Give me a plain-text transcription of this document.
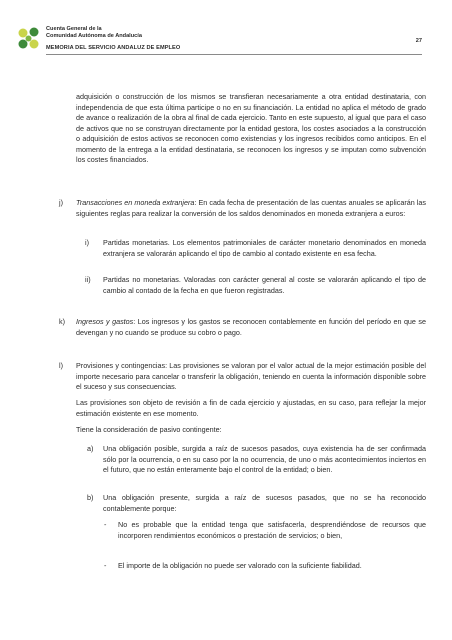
Cuenta General de la
Comunidad Autónoma de Andalucía
MEMORIA DEL SERVICIO ANDALUZ DE EMPLEO
27

adquisición o construcción de los mismos se transfieran necesariamente a otra entidad destinataria, con independencia de que esta última participe o no en su financiación. La entidad no aplica el método de grado de avance o realización de la obra al final de cada ejercicio. Tanto en este supuesto, al igual que para el caso de activos que no se construyan directamente por la entidad gestora, los costes asociados a la construcción o adquisición de estos activos se reconocen como existencias y los ingresos recibidos como anticipos. En el momento de la entrega a la entidad destinataria, se reconocen los ingresos y se imputan como subvención los costes financiados.

j) Transacciones en moneda extranjera: En cada fecha de presentación de las cuentas anuales se aplicarán las siguientes reglas para realizar la conversión de los saldos denominados en moneda extranjera a euros:

i) Partidas monetarias. Los elementos patrimoniales de carácter monetario denominados en moneda extranjera se valorarán aplicando el tipo de cambio al contado existente en esa fecha.

ii) Partidas no monetarias. Valoradas con carácter general al coste se valorarán aplicando el tipo de cambio al contado de la fecha en que fueron registradas.

k) Ingresos y gastos: Los ingresos y los gastos se reconocen contablemente en función del período en que se devengan y no cuando se produce su cobro o pago.

l) Provisiones y contingencias: Las provisiones se valoran por el valor actual de la mejor estimación posible del importe necesario para cancelar o transferir la obligación, teniendo en cuenta la información disponible sobre el suceso y sus consecuencias.

Las provisiones son objeto de revisión a fin de cada ejercicio y ajustadas, en su caso, para reflejar la mejor estimación existente en ese momento.

Tiene la consideración de pasivo contingente:

a) Una obligación posible, surgida a raíz de sucesos pasados, cuya existencia ha de ser confirmada sólo por la ocurrencia, o en su caso por la no ocurrencia, de uno o más acontecimientos inciertos en el futuro, que no están enteramente bajo el control de la entidad; o bien.

b) Una obligación presente, surgida a raíz de sucesos pasados, que no se ha reconocido contablemente porque:

- No es probable que la entidad tenga que satisfacerla, desprendiéndose de recursos que incorporen rendimientos económicos o prestación de servicios; o bien,

- El importe de la obligación no puede ser valorado con la suficiente fiabilidad.
